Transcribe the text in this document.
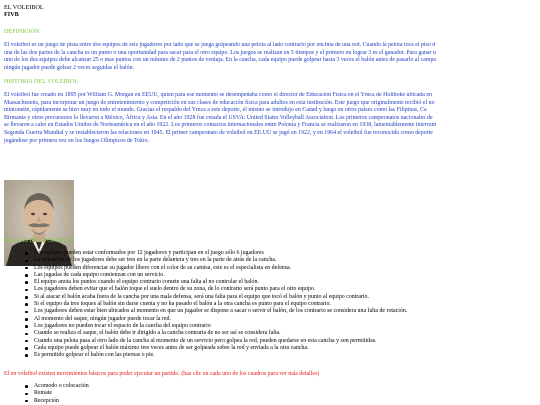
EL VOLEIBOL
FIVB
DEFINICIÓN
El voleibol es un juego de pista entre dos equipos de seis jugadores por lado que se juega golpeando una pelota al lado contrario por encima de una red. Cuando la pelota toca el piso d
una de las dos partes de la cancha es un punto o una oportunidad para sacar para el otro equipo. Los juegos se realizan en 5 tiempos y el primero en lograr 3 es el ganador. Para ganar u
uno de los dos equipos debe alcanzar 25 o mas puntos con un mínimo de 2 puntos de ventaja. En la cancha, cada equipo puede golpear hasta 3 veces el balón antes de pasarlo al campo
ningún jugador puede golear 2 veces seguidas el balón.
HISTORIA DEL VOLEIBOL
El voleibol fue creado en 1895 por William G. Morgan en EEUU, quien para ese momento se desempeñaba como el director de Educación Física en el Ymca de Holihoke ubicada en
Massachusetts, para incorporar un juego de entretenimiento y competición en sus clases de educación física para adultos en esta institución. Este juego que originalmente recibió el no
mintonette, rápidamente se hizo muy en todo el mundo. Gracias el respaldo del Ymca a este deporte, el mismo se introdujo en Canad y luego en otros países como las Filipinas, Ca
Birmania y otros precursores lo llevaron a México, África y Asia. En el año 1928 fue creada el USVA: United States Volleyball Association. Los primeros campeonatos nacionales de
se llevaron a cabo en Estados Unidos de Norteamérica en el año 1922. Los primeros contactos internacionales entre Polonia y Francia se realizaron en 1938, lamentablemente interrum
Segunda Guerra Mundial y se restablecieron las relaciones en 1945. El primer campeonato de voleibol en EE.UU se jugó en 1922, y en 1964 el voleibol fue reconocido como deporte
jugándose por primera vez en los Juegos Olímpicos de Tokio.
REGLAS DEL VOLEIBOL
Los equipos pueden estar conformados por 12 jugadores y participan en el juego sólo 6 jugadores
La ubicación de los jugadores debe ser tres en la parte delantera y tres en la parte de atrás de la cancha.
Los equipos pueden diferenciar su jugador líbero con el color de su camisa, este es el especialista en defensa.
Las jugadas de cada equipo comienzan con un servicio.
El equipo anota los puntos cuando el equipo contrario comete una falta al no controlar el balón.
Los jugadores deben evitar que el balón toque el suelo dentro de su zona, de lo contrario será punto para el otro equipo.
Si al atacar el balón acaba fuera de la cancha por una mala defensa, será una falta para el equipo que tocó el balón y punto al equipo contrario.
Si el equipo da tres toques al balón sin darse cuenta y no ha pasado el balón a la otra cancha es punto para el equipo contrario.
Los jugadores deben estar bien ubicados al momento en que un jugador se dispone a sacar o servir el balón, de los contrario se considera una falta de rotación.
Al momento del saque, ningún jugador puede tocar la red.
Los jugadores no pueden tocar el espacio de la cancha del equipo contrario
Cuando se realiza el saque, el balón debe ir dirigido a la cancha contraria de no ser así se considera falta.
Cuando una pelota pasa al otro lado de la cancha al momento de un servicio pero golpea la red, pueden quedarse en esta cancha y son permitidas.
Cada equipo puede golpear el balón máximo tres veces antes de ser golpeada sobre la red y enviada a la otra cancha.
Es permitido golpear el balón con las piernas o pie.
El en voleibol existen movimientos básicos para poder ejecutar un partido. (haz clic en cada uno de los cuadros para ver más detalles)
Acomodo o colocación
Remate
Recepción
